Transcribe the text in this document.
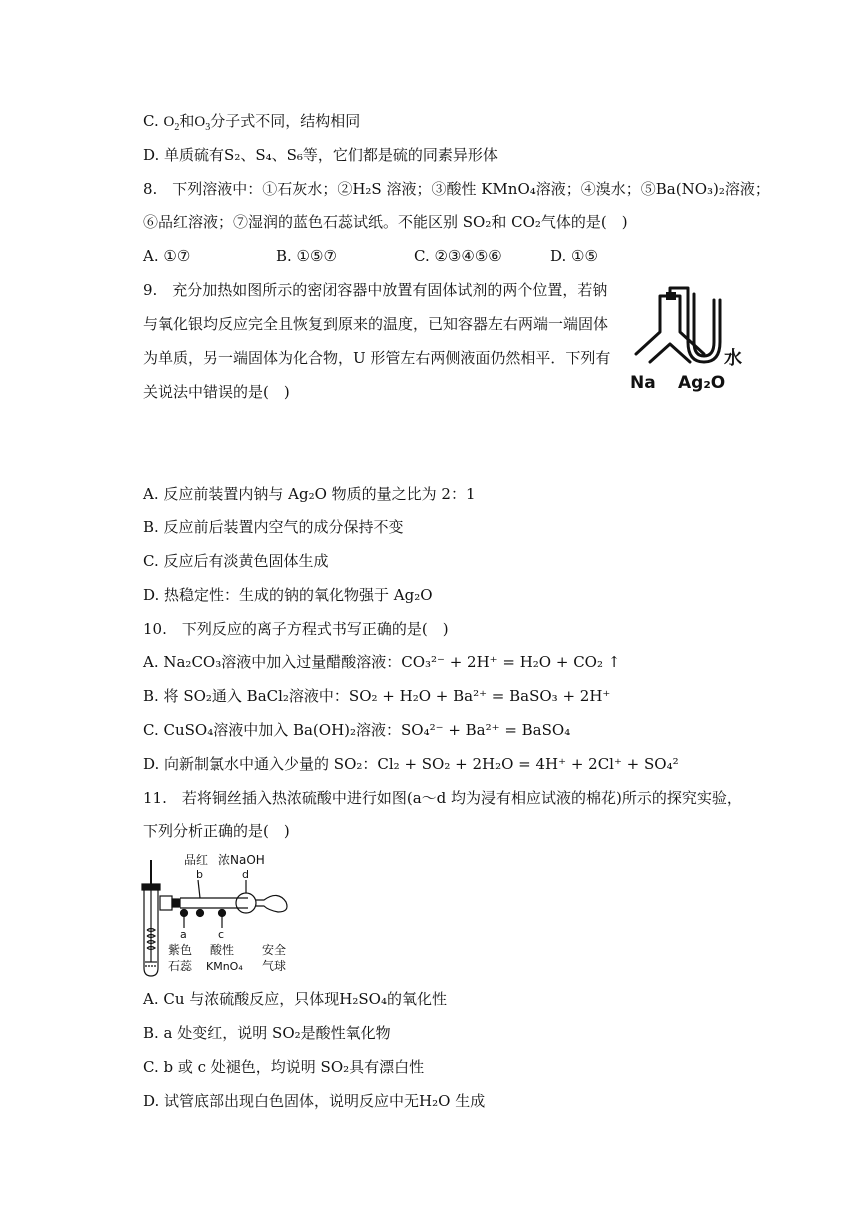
C. $O_2$和$O_3$分子式不同，结构相同
D. 单质硫有S₂、S₄、S₆等，它们都是硫的同素异形体
8.　下列溶液中：①石灰水；②H₂S 溶液；③酸性 KMnO₄溶液；④溴水；⑤Ba(NO₃)₂溶液；
⑥品红溶液；⑦湿润的蓝色石蕊试纸。不能区别 SO₂和 CO₂气体的是(　)
A. ①⑦	B. ①⑤⑦	C. ②③④⑤⑥	D. ①⑤
9.　充分加热如图所示的密闭容器中放置有固体试剂的两个位置，若钠
与氧化银均反应完全且恢复到原来的温度，已知容器左右两端一端固体
为单质，另一端固体为化合物，U 形管左右两侧液面仍然相平．下列有
关说法中错误的是(　)
水
Na Ag₂O
A. 反应前装置内钠与 Ag₂O 物质的量之比为 2：1
B. 反应前后装置内空气的成分保持不变
C. 反应后有淡黄色固体生成
D. 热稳定性：生成的钠的氧化物强于 Ag₂O
10.　下列反应的离子方程式书写正确的是(　)
A. Na₂CO₃溶液中加入过量醋酸溶液：CO₃²⁻ + 2H⁺ = H₂O + CO₂ ↑
B. 将 SO₂通入 BaCl₂溶液中：SO₂ + H₂O + Ba²⁺ = BaSO₃ + 2H⁺
C. CuSO₄溶液中加入 Ba(OH)₂溶液：SO₄²⁻ + Ba²⁺ = BaSO₄
D. 向新制氯水中通入少量的 SO₂：Cl₂ + SO₂ + 2H₂O = 4H⁺ + 2Cl⁺ + SO₄²
11.　若将铜丝插入热浓硫酸中进行如图(a～d 均为浸有相应试液的棉花)所示的探究实验，
下列分析正确的是(　)
品红 浓NaOH
b	d
a	c
紫色
石蕊
酸性
KMnO₄
安全
气球
A. Cu 与浓硫酸反应，只体现H₂SO₄的氧化性
B. a 处变红，说明 SO₂是酸性氧化物
C. b 或 c 处褪色，均说明 SO₂具有漂白性
D. 试管底部出现白色固体，说明反应中无H₂O 生成
